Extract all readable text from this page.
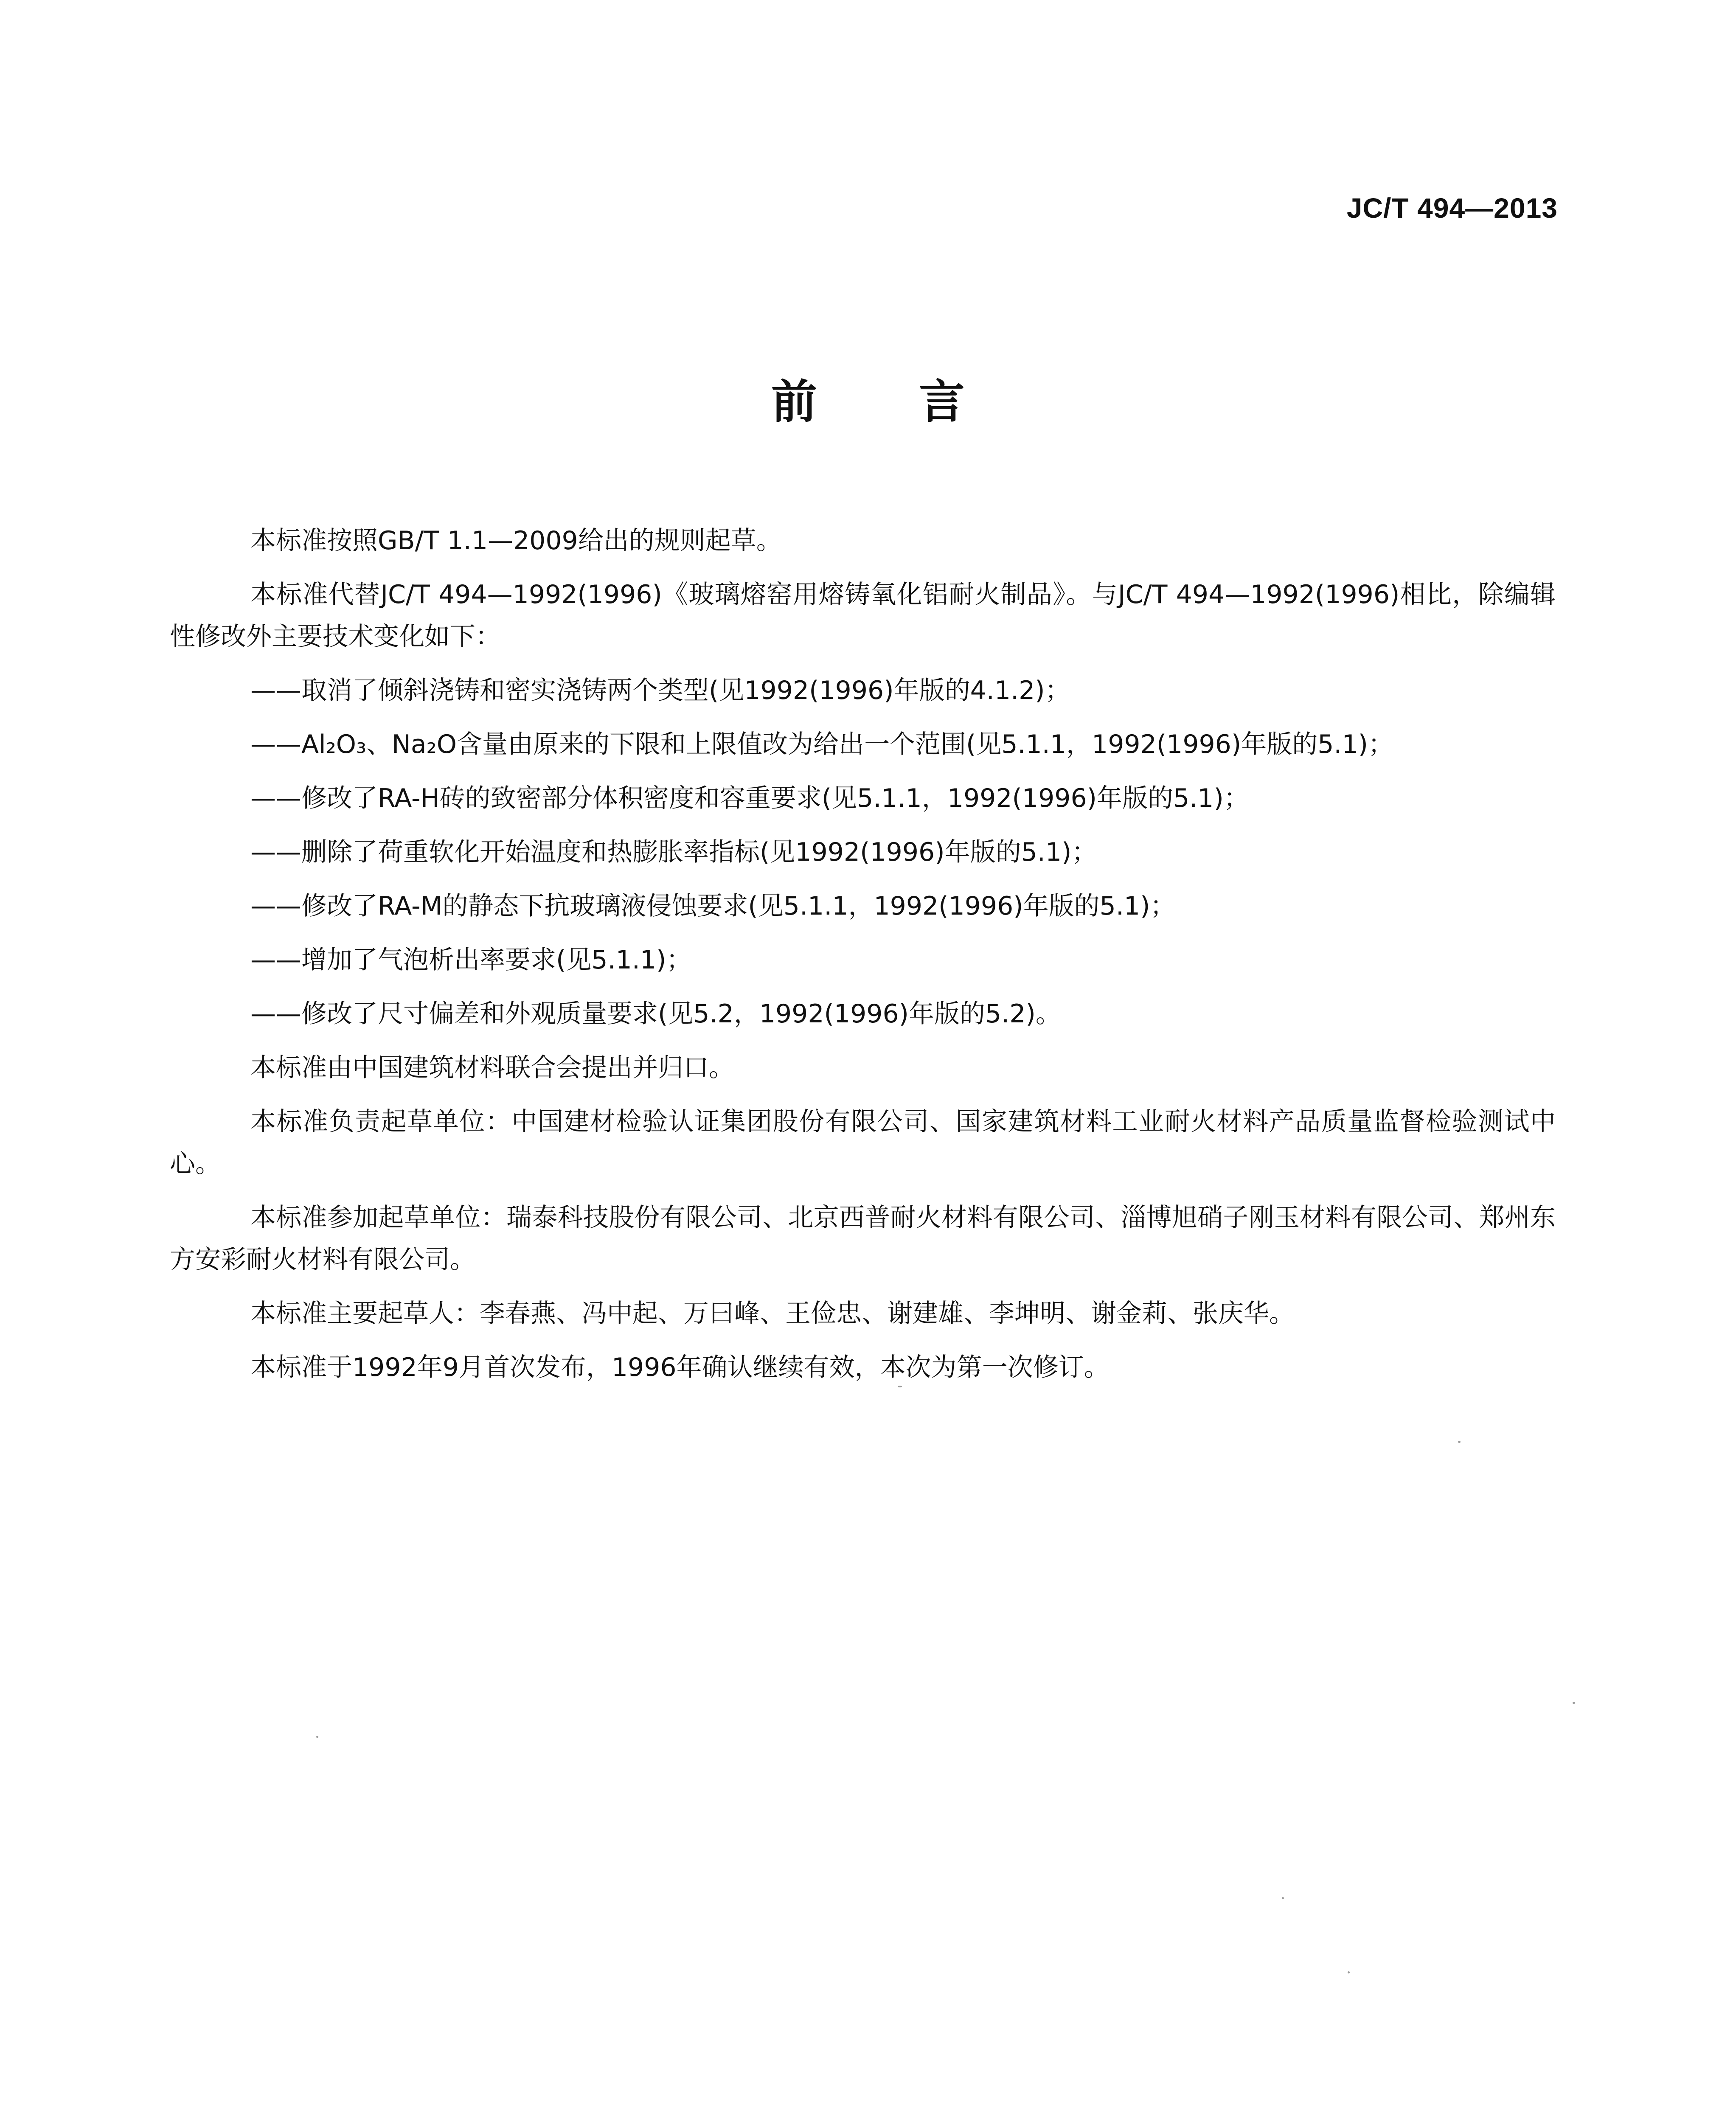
JC/T 494—2013
前 言

本标准按照GB/T 1.1—2009给出的规则起草。

本标准代替JC/T 494—1992(1996)《玻璃熔窑用熔铸氧化铝耐火制品》。与JC/T 494—1992(1996)相比，除编辑性修改外主要技术变化如下：

——取消了倾斜浇铸和密实浇铸两个类型(见1992(1996)年版的4.1.2)；

——Al₂O₃、Na₂O含量由原来的下限和上限值改为给出一个范围(见5.1.1，1992(1996)年版的5.1)；

——修改了RA-H砖的致密部分体积密度和容重要求(见5.1.1，1992(1996)年版的5.1)；

——删除了荷重软化开始温度和热膨胀率指标(见1992(1996)年版的5.1)；

——修改了RA-M的静态下抗玻璃液侵蚀要求(见5.1.1，1992(1996)年版的5.1)；

——增加了气泡析出率要求(见5.1.1)；

——修改了尺寸偏差和外观质量要求(见5.2，1992(1996)年版的5.2)。

本标准由中国建筑材料联合会提出并归口。

本标准负责起草单位：中国建材检验认证集团股份有限公司、国家建筑材料工业耐火材料产品质量监督检验测试中心。

本标准参加起草单位：瑞泰科技股份有限公司、北京西普耐火材料有限公司、淄博旭硝子刚玉材料有限公司、郑州东方安彩耐火材料有限公司。

本标准主要起草人：李春燕、冯中起、万曰峰、王俭忠、谢建雄、李坤明、谢金莉、张庆华。

本标准于1992年9月首次发布，1996年确认继续有效，本次为第一次修订。
